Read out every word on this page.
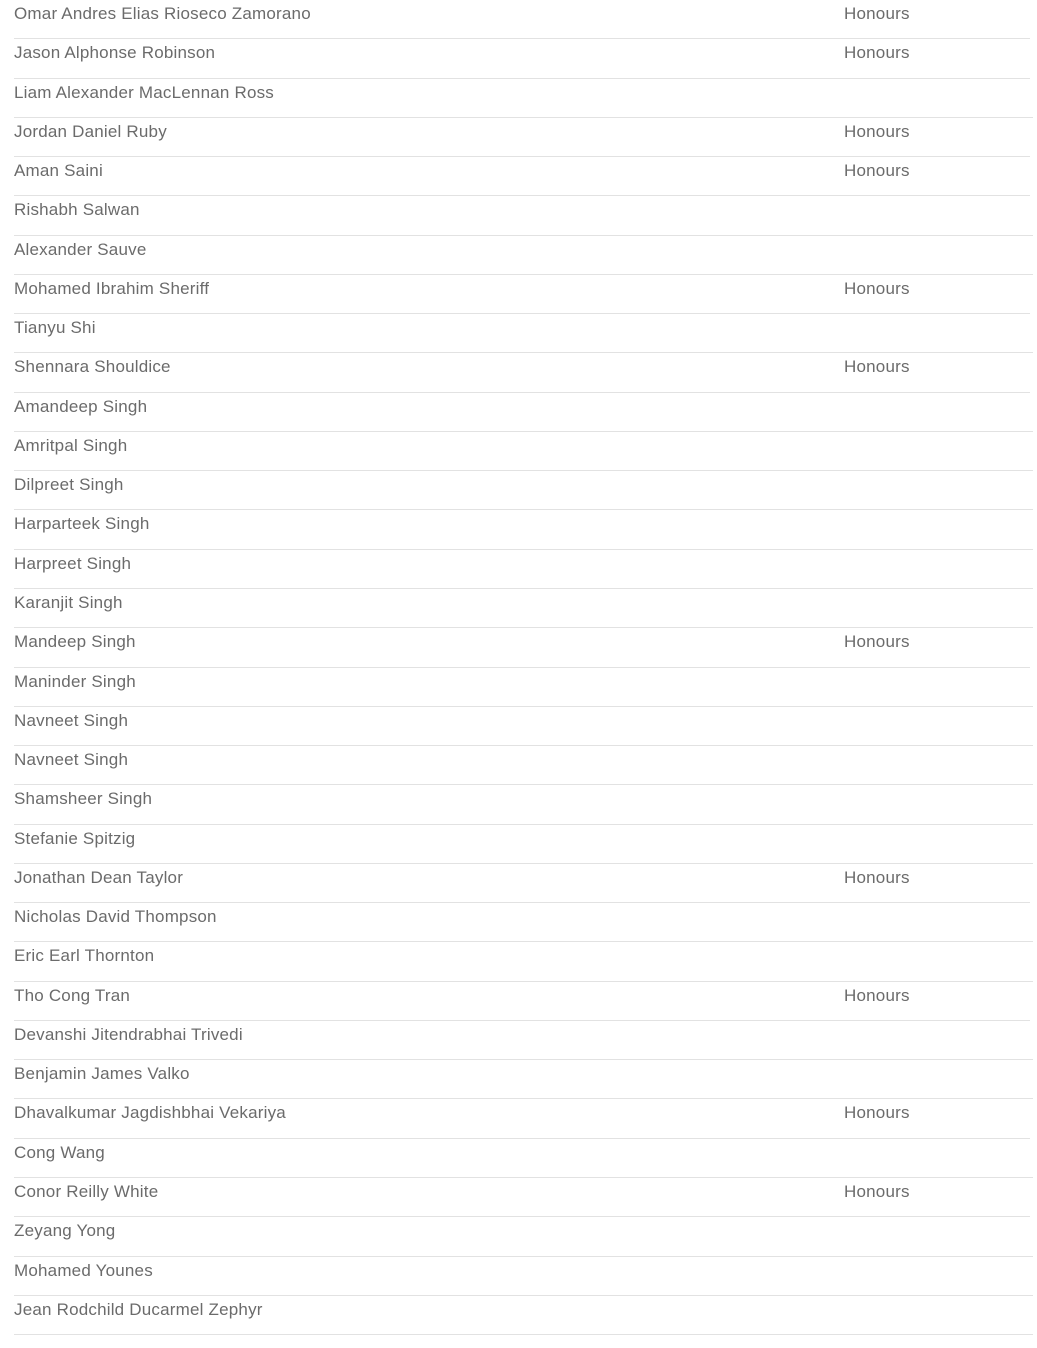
Omar Andres Elias Rioseco Zamorano	Honours
Jason Alphonse Robinson	Honours
Liam Alexander MacLennan Ross
Jordan Daniel Ruby	Honours
Aman Saini	Honours
Rishabh Salwan
Alexander Sauve
Mohamed Ibrahim Sheriff	Honours
Tianyu Shi
Shennara Shouldice	Honours
Amandeep Singh
Amritpal Singh
Dilpreet Singh
Harparteek Singh
Harpreet Singh
Karanjit Singh
Mandeep Singh	Honours
Maninder Singh
Navneet Singh
Navneet Singh
Shamsheer Singh
Stefanie Spitzig
Jonathan Dean Taylor	Honours
Nicholas David Thompson
Eric Earl Thornton
Tho Cong Tran	Honours
Devanshi Jitendrabhai Trivedi
Benjamin James Valko
Dhavalkumar Jagdishbhai Vekariya	Honours
Cong Wang
Conor Reilly White	Honours
Zeyang Yong
Mohamed Younes
Jean Rodchild Ducarmel Zephyr
